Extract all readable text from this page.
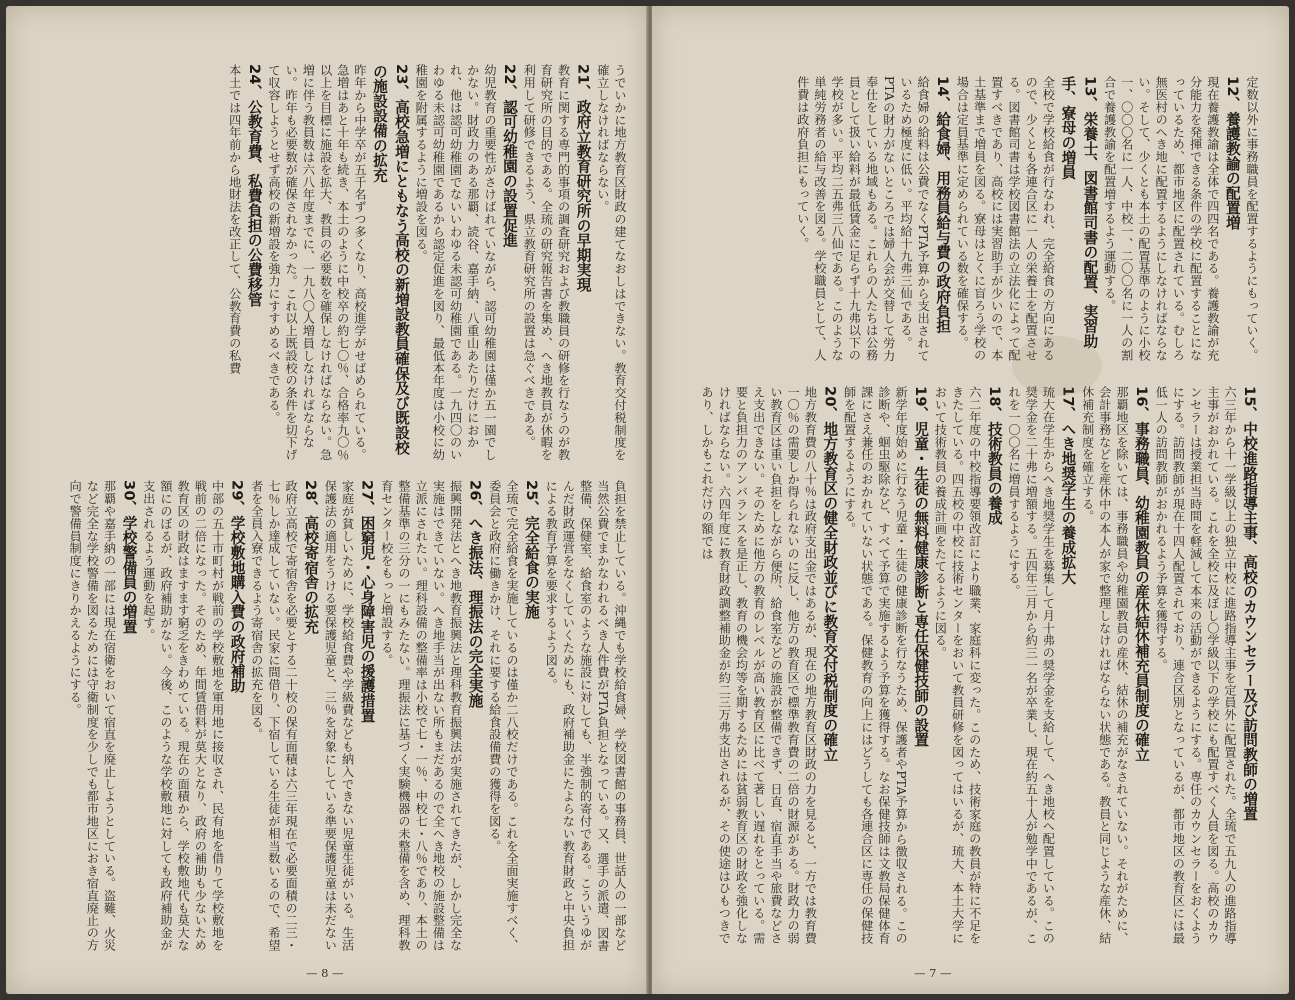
うでいかに地方教育区財政の建てなおしはできない。教育交付税制度を確立しなければならない。
21、政府立教育研究所の早期実現
教育に関する専門的事項の調査研究および教職員の研修を行なうのが教育研究所の目的である。全琉の研究報告書を集め、へき地教員が休暇を利用して研修できるよう、県立教育研究所の設置は急ぐべきである。
22、認可幼稚園の設置促進
幼児教育の重要性がさけばれていながら、認可幼稚園は僅か五一園でしかない。財政力のある那覇、読谷、嘉手納、八重山あたりだけにおかれ、他は認可幼稚園でないいわゆる未認可幼稚園である。一九四〇のいわゆる未認可幼稚園であるから認定促進を図り、最低本年度は小校に幼稚園を附属するように増設を図る。
23、高校急増にともなう高校の新増設教員確保及び既設校の施設設備の拡充
昨年から中学卒が五千名ずつ多くなり、高校進学がせばめられている。急増はあと十年も続き、本土のように中校卒の約七〇％、合格率九〇％以上を目標に施設を拡大、教員の必要数を確保しなければならない。急増に伴う教員数は六八年度までに、一九八〇人増員しなければならない。昨年も必要数が確保されなかった。これ以上既設校の条件を切下げて収容しようとせず高校の新増設を強力にすすめるべきである。
24、公教育費、私費負担の公費移管
本土では四年前から地財法を改正して、公教育費の私費

負担を禁止している。沖縄でも学校給食婦、学校図書館の事務員、世話人の一部など当然公費でまかなわれるべき人件費がPTA負担となっている。又、選手の派遣、図書整備、保健室、給食室のような施設に対しても、半強制的寄付である。こういうゆがんだ財政運営をなくしていくためにも、政府補助金にたよらない教育財政と中央負担による教育予算を要求するよう図る。
25、完全給食の実施
全琉で完全給食を実施しているのは僅か二八校だけである。これを全面実施すべく、委員会と政府に働きかけ、それに要する給食設備費の獲得を図る。
26、へき振法、理振法の完全実施
振興開発法とへき地教育振興法と理科教育振興法が実施されてきたが、しかし完全な実施はできていない。へき地手当が出ない所もまだあるので全へき地校の施設整備は立派にされたい。理科設備の整備率は小校で七・一％、中校七・八％であり、本土の整備基準の三分の一にもみたない。理振法に基づく実験機器の未整備を含め、理科教育センター校をもっと増設する。
27、困窮児・心身障害児の援護措置
家庭が貧しいために、学校給食費や学級費なども納入できない児童生徒がいる。生活保護法の適用をうける要保護児童と、三％を対象にしている準要保護児童は未だない
28、高校寄宿舎の拡充
政府立高校で寄宿舎を必要とする二十校の保有面積は六三年現在で必要面積の二三・七％しか達成していない。民家に間借り、下宿している生徒が相当数いるので、希望者を全員入寮できるよう寄宿舎の拡充を図る。
29、学校敷地購入費の政府補助
中部の五十市町村が戦前の学校敷地を軍用地に接収され、民有地を借りて学校敷地を戦前の二倍になった。そのため、年間賃借料が莫大となり、政府の補助も少ないため教育区の財政はますます窮乏をきわめている。現在の面積から、学校敷地代も莫大な額にのぼるが、政府補助がない。今後、このような学校敷地に対しても政府補助金が支出されるよう運動を起す。
30、学校警備員の増置
那覇や嘉手納の一部には現在宿衛をおいて宿直を廃止しようとしている。盗難、火災など完全な学校警備を図るためには守衛制度を少しでも都市地区におき宿直廃止の方向で警備員制度にきりかえるようにする。

— 8 —
定数以外に事務職員を配置するようにもっていく。
12、養護教諭の配置増
現在養護教諭は全体で四四名である。養護教諭が充分能力を発揮できる条件の学校に配置することになっているため、都市地区に配置されている。むしろ無医村のへき地に配置するようにしなければならない。そして、少くとも本土の配置基準のように小校一、〇〇〇名に一人、中校一、二〇〇名に一人の割合で養護教諭を配置増するよう運動する。
13、栄養士、図書館司書の配置、実習助手、寮母の増員
全校で学校給食が行なわれ、完全給食の方向にあるので、少くとも各連合区に一人の栄養士を配置させる。図書館司書は学校図書館法の立法化によって配置すべきであり、高校には実習助手が少いので、本土基準まで増員を図る。寮母はとくに盲ろう学校の場合は定員基準に定められている数を確保する。
14、給食婦、用務員給与費の政府負担
給食婦の給料は公費でなくPTA予算から支出されているため極度に低い。平均給十九弗三仙である。PTAの財力がないところでは婦人会が交替して労力奉仕をしている地域もある。これらの人たちは公務員として扱い給料が最低賃金に足らず十九弗以下の学校が多い。平均二五弗三八仙である。このような単純労務者の給与改善を図る。学校職員として、人件費は政府負担にもっていく。

15、中校進路指導主事、高校のカウンセラー及び訪問教師の増置
六三年から十一学級以上の独立中校に進路指導主事を定員外に配置された。全琉で五九人の進路指導主事がおかれている。これを全校に及ぼし〇学級以下の学校にも配置すべく人員を図る。高校のカウンセラーは授業担当時間を軽減して本来の活動ができるようにする。専任のカウンセラーをおくようにする。訪問教師が現在十四人配置されており、連合区別となっているが、都市地区の教育区には最低一人の訪問教師がおかれるよう予算を獲得する。
16、事務職員、幼稚園教員の産休結休補充員制度の確立
那覇地区を除いては、事務職員や幼稚園教員の産休、結休の補充がなされていない。それがために、会計事務などを産休中の本人が家で整理しなければならない状態である。教員と同じような産休、結休補充制度を確立する。
17、へき地奨学生の養成拡大
琉大在学生からへき地奨学生を募集して月十弗の奨学金を支給して、へき地校へ配置している。この奨学金を二十弗に増額する。五四年三月から約三一名が卒業し、現在約五十人が勉学中であるが、これを一〇〇名に増員するようにする。
18、技術教員の養成
六二年度の中校指導要領改訂により職業、家庭科に変った。このため、技術家庭の教員が特に不足をきたしている。四五校の中校に技術センターをおいて教員研修を図ってはいるが、琉大、本土大学において技術教員の養成計画をたてるように図る。
19、児童・生徒の無料健康診断と専任保健技師の設置
新学年度始めに行なう児童・生徒の健康診断を行なうため、保護者やPTA予算から徴収される。この診断や、蛔虫駆除など、すべて予算で実施するよう予算を獲得する。なお保健技師は文教局保健体育課にさえ兼任のおかれていない状態である。保健教育の向上にはどうしても各連合区に専任の保健技師を配置するようにする。
20、地方教育区の健全財政並びに教育交付税制度の確立
地方教育費の八十％は政府支出金ではあるが、現在の地方教育区財政の力を見ると、一方では教育費一〇％の需要しか得られないのに反し、他方の教育区で標準教育費の二倍の財源がある。財政力の弱い教育区は重い負担をしながら便所、給食室などの施設が整備できず、日直、宿直手当や旅費などさえ支出できない。そのために他方の教育のレベルが高い教育区に比べて著しい遅れをとっている。需要と負担力のアンバランスを是正し、教育の機会均等を期するためには貧弱教育区の財政を強化しなければならない。六四年度に教育財政調整補助金が約二三万弗支出されるが、その使途はひもつきであり、しかもこれだけの額では

— 7 —
